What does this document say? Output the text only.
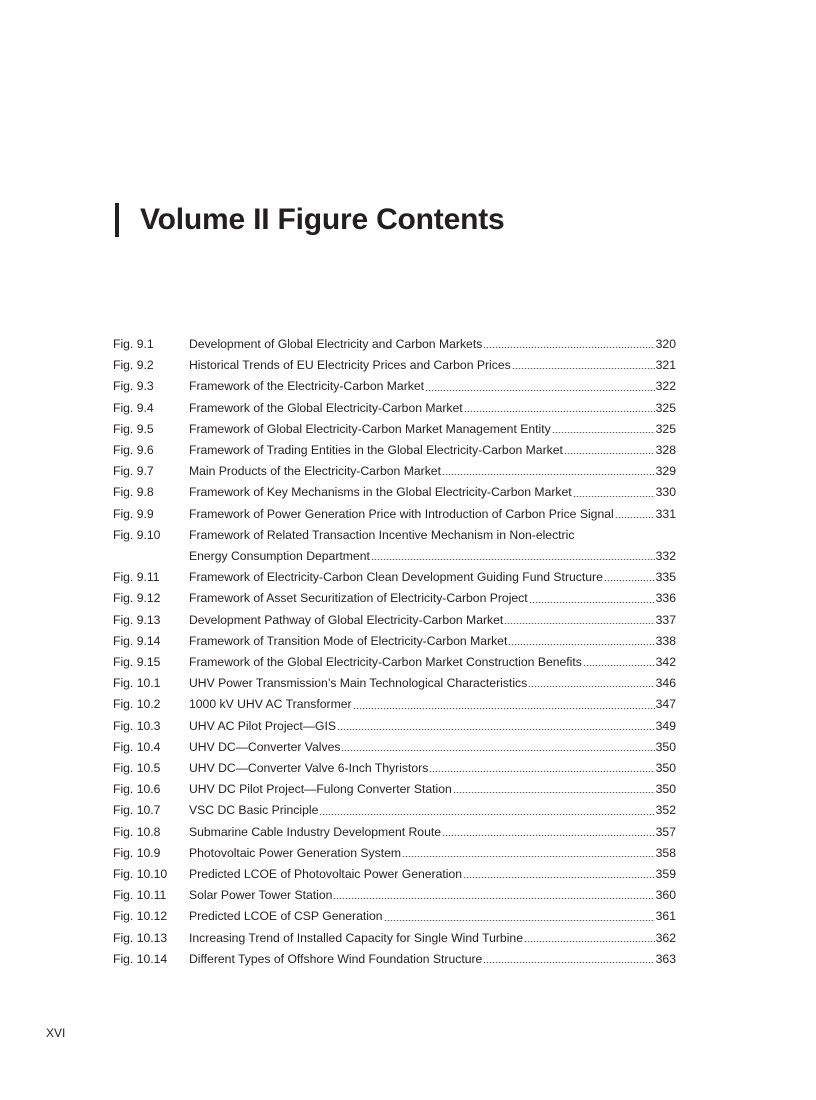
Volume II Figure Contents
Fig. 9.1	Development of Global Electricity and Carbon Markets	320
Fig. 9.2	Historical Trends of EU Electricity Prices and Carbon Prices	321
Fig. 9.3	Framework of the Electricity-Carbon Market	322
Fig. 9.4	Framework of the Global Electricity-Carbon Market	325
Fig. 9.5	Framework of Global Electricity-Carbon Market Management Entity	325
Fig. 9.6	Framework of Trading Entities in the Global Electricity-Carbon Market	328
Fig. 9.7	Main Products of the Electricity-Carbon Market	329
Fig. 9.8	Framework of Key Mechanisms in the Global Electricity-Carbon Market	330
Fig. 9.9	Framework of Power Generation Price with Introduction of Carbon Price Signal	331
Fig. 9.10	Framework of Related Transaction Incentive Mechanism in Non-electric
Energy Consumption Department	332
Fig. 9.11	Framework of Electricity-Carbon Clean Development Guiding Fund Structure	335
Fig. 9.12	Framework of Asset Securitization of Electricity-Carbon Project	336
Fig. 9.13	Development Pathway of Global Electricity-Carbon Market	337
Fig. 9.14	Framework of Transition Mode of Electricity-Carbon Market	338
Fig. 9.15	Framework of the Global Electricity-Carbon Market Construction Benefits	342
Fig. 10.1	UHV Power Transmission’s Main Technological Characteristics	346
Fig. 10.2	1000 kV UHV AC Transformer	347
Fig. 10.3	UHV AC Pilot Project—GIS	349
Fig. 10.4	UHV DC—Converter Valves	350
Fig. 10.5	UHV DC—Converter Valve 6-Inch Thyristors	350
Fig. 10.6	UHV DC Pilot Project—Fulong Converter Station	350
Fig. 10.7	VSC DC Basic Principle	352
Fig. 10.8	Submarine Cable Industry Development Route	357
Fig. 10.9	Photovoltaic Power Generation System	358
Fig. 10.10	Predicted LCOE of Photovoltaic Power Generation	359
Fig. 10.11	Solar Power Tower Station	360
Fig. 10.12	Predicted LCOE of CSP Generation	361
Fig. 10.13	Increasing Trend of Installed Capacity for Single Wind Turbine	362
Fig. 10.14	Different Types of Offshore Wind Foundation Structure	363
XVI
